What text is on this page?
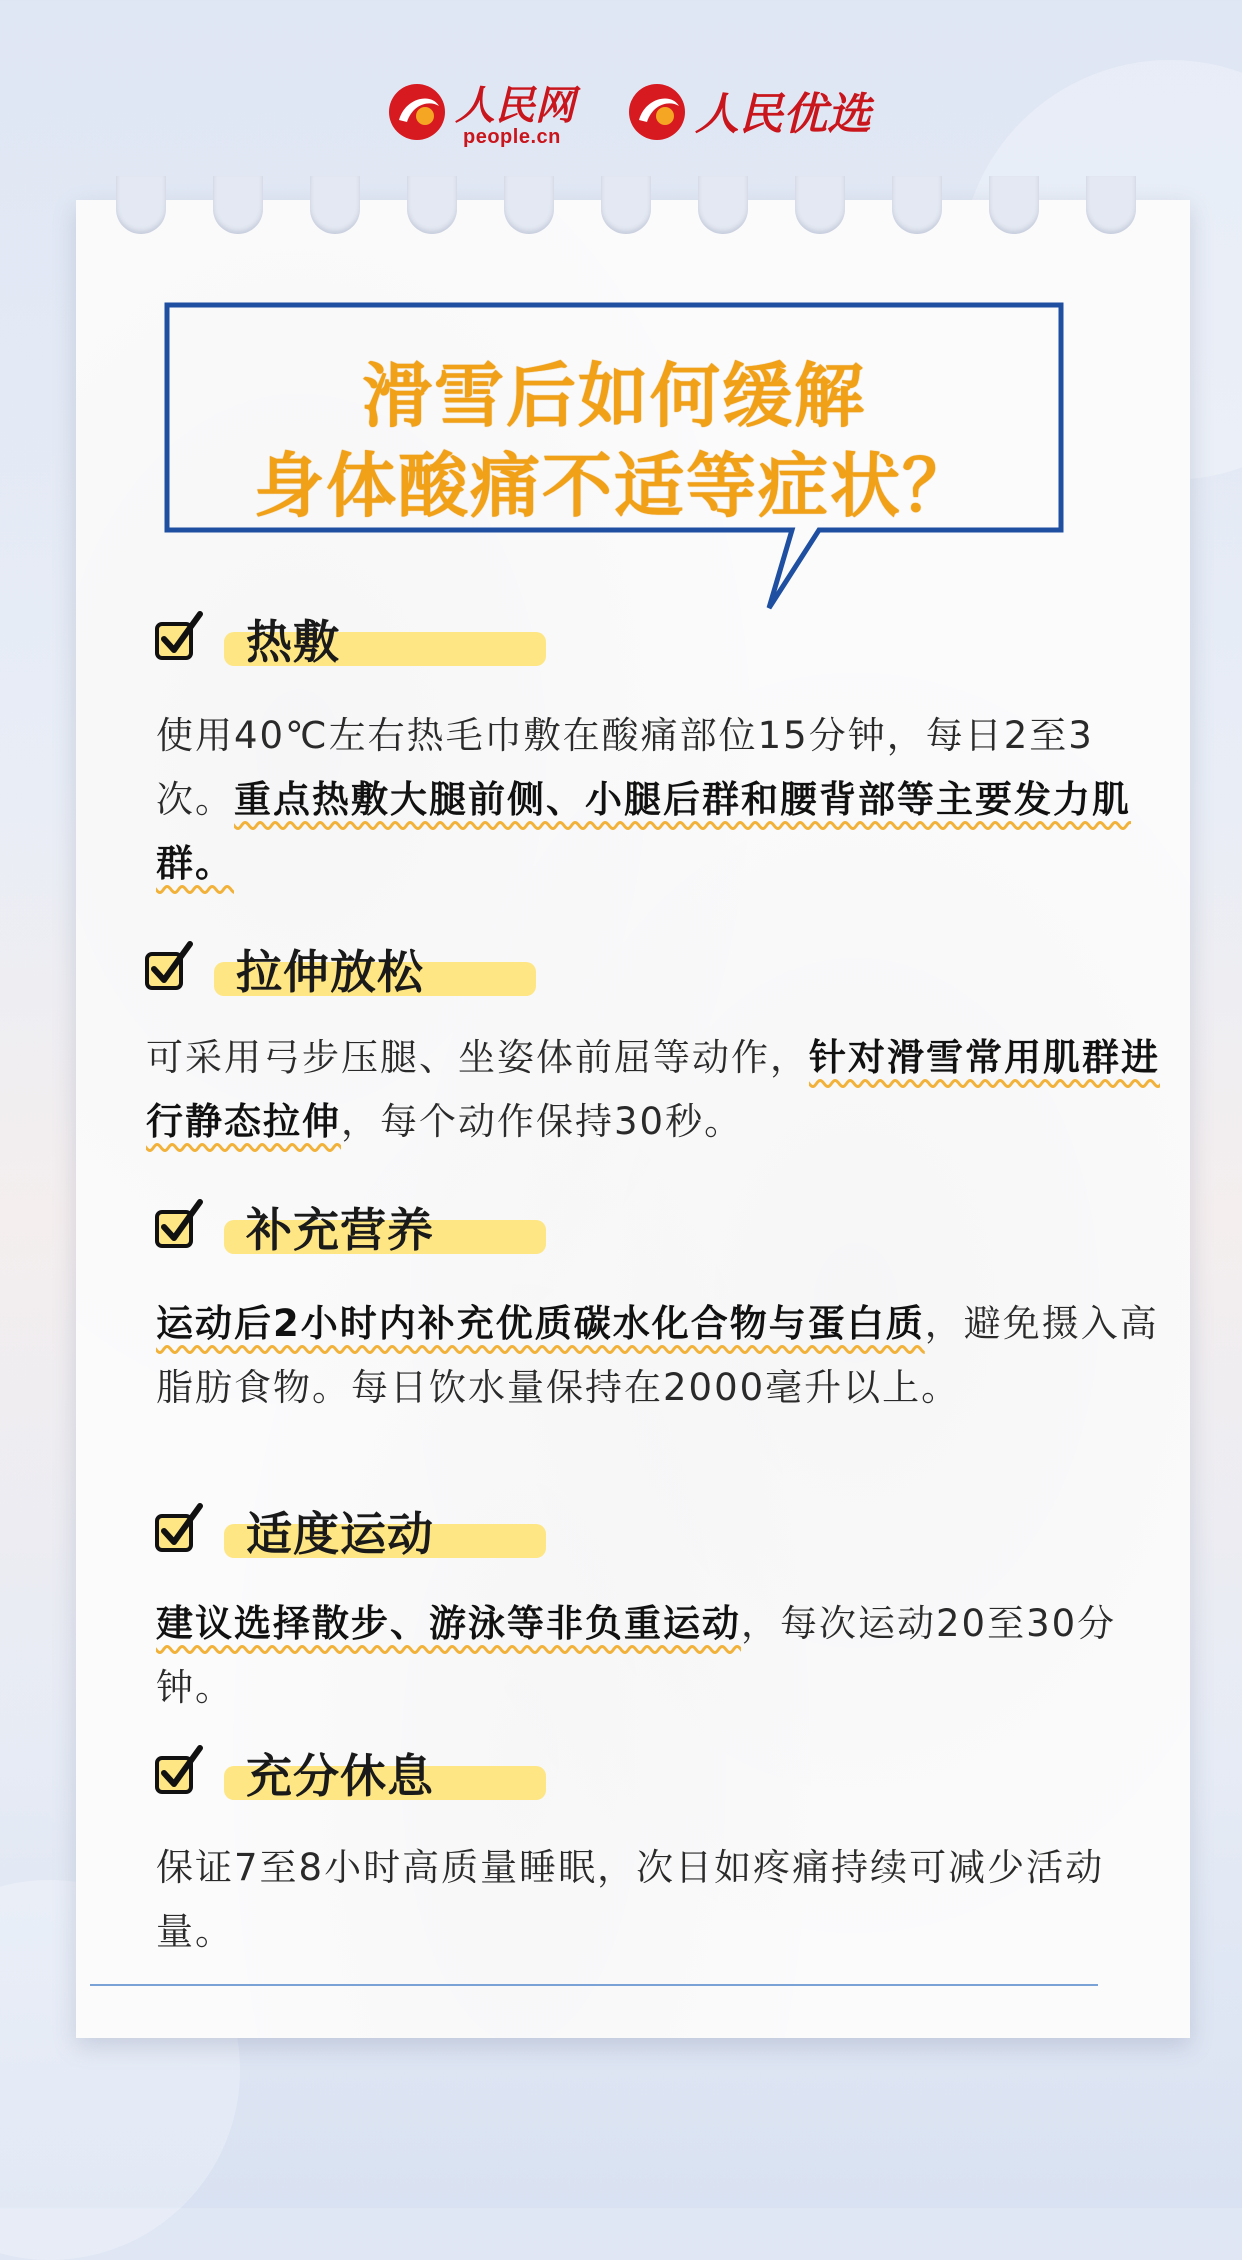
人民网
people.cn	人民优选
滑雪后如何缓解
身体酸痛不适等症状？
热敷
使用40℃左右热毛巾敷在酸痛部位15分钟，每日2至3次。重点热敷大腿前侧、小腿后群和腰背部等主要发力肌群。
拉伸放松
可采用弓步压腿、坐姿体前屈等动作，针对滑雪常用肌群进行静态拉伸，每个动作保持30秒。
补充营养
运动后2小时内补充优质碳水化合物与蛋白质，避免摄入高脂肪食物。每日饮水量保持在2000毫升以上。
适度运动
建议选择散步、游泳等非负重运动，每次运动20至30分钟。
充分休息
保证7至8小时高质量睡眠，次日如疼痛持续可减少活动量。
